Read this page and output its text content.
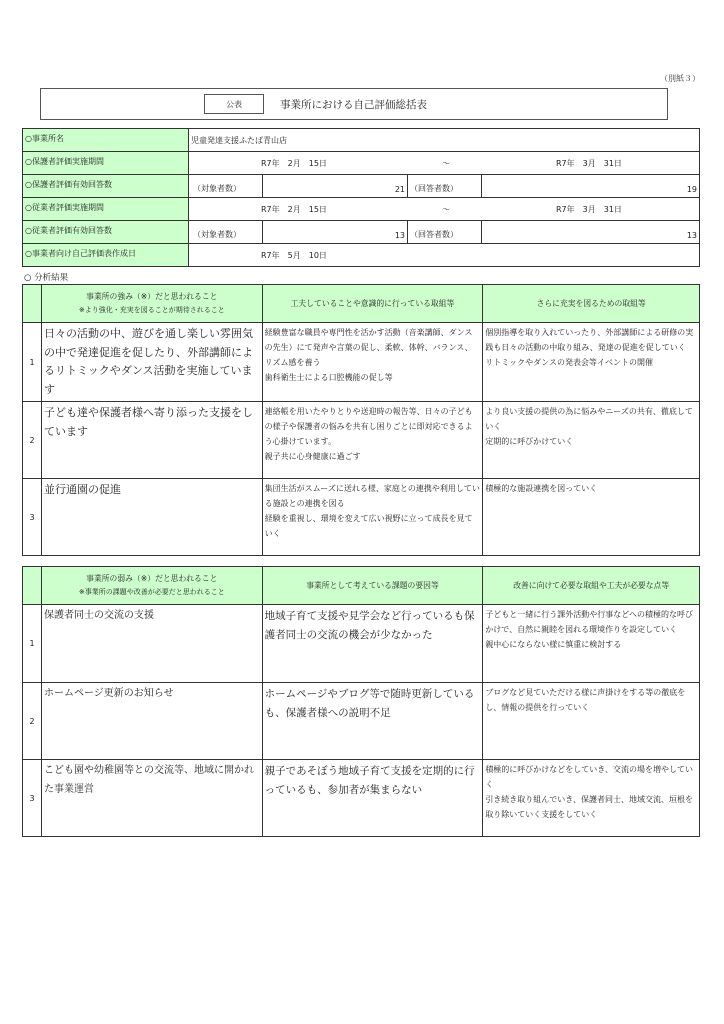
（別紙３）
公表	事業所における自己評価総括表
○事業所名	児童発達支援ふたば青山店			
○保護者評価実施期間	R7年　2月　15日 ～ R7年　3月　31日			

○保護者評価有効回答数	（対象者数）	21	（回答者数）	19
○従業者評価実施期間	R7年　2月　15日 ～ R7年　3月　31日			

○従業者評価有効回答数	（対象者数）	13	（回答者数）	13
○事業者向け自己評価表作成日	R7年　5月　10日			
○ 分析結果
	事業所の強み（※）だと思われること
※より強化・充実を図ることが期待されること	工夫していることや意識的に行っている取組等	さらに充実を図るための取組等
1	日々の活動の中、遊びを通し楽しい雰囲気の中で発達促進を促したり、外部講師によるリトミックやダンス活動を実施しています	経験豊富な職員や専門性を活かす活動（音楽講師、ダンスの先生）にて発声や言葉の促し、柔軟、体幹、バランス、リズム感を養う
歯科衛生士による口腔機能の促し等	個別指導を取り入れていったり、外部講師による研修の実践も日々の活動の中取り組み、発達の促進を促していく
リトミックやダンスの発表会等イベントの開催

2	子ども達や保護者様へ寄り添った支援をしています	連絡帳を用いたやりとりや送迎時の報告等、日々の子どもの様子や保護者の悩みを共有し困りごとに即対応できるよう心掛けています。
親子共に心身健康に過ごす	より良い支援の提供の為に悩みやニーズの共有、徹底していく
定期的に呼びかけていく

3	並行通園の促進	集団生活がスムーズに送れる様、家庭との連携や利用している施設との連携を図る
経験を重視し、環境を変えて広い視野に立って成長を見ていく	積極的な施設連携を図っていく
	事業所の弱み（※）だと思われること
※事業所の課題や改善が必要だと思われること	事業所として考えている課題の要因等	改善に向けて必要な取組や工夫が必要な点等
1	保護者同士の交流の支援	地域子育て支援や見学会など行っているも保護者同士の交流の機会が少なかった	子どもと一緒に行う課外活動や行事などへの積極的な呼びかけで、自然に親睦を図れる環境作りを設定していく
親中心にならない様に慎重に検討する

2	ホームページ更新のお知らせ	ホームページやブログ等で随時更新しているも、保護者様への説明不足	ブログなど見ていただける様に声掛けをする等の徹底をし、情報の提供を行っていく

3	こども園や幼稚園等との交流等、地域に開かれた事業運営	親子であそぼう地域子育て支援を定期的に行っているも、参加者が集まらない	積極的に呼びかけなどをしていき、交流の場を増やしていく
引き続き取り組んでいき、保護者同士、地域交流、垣根を取り除いていく支援をしていく
